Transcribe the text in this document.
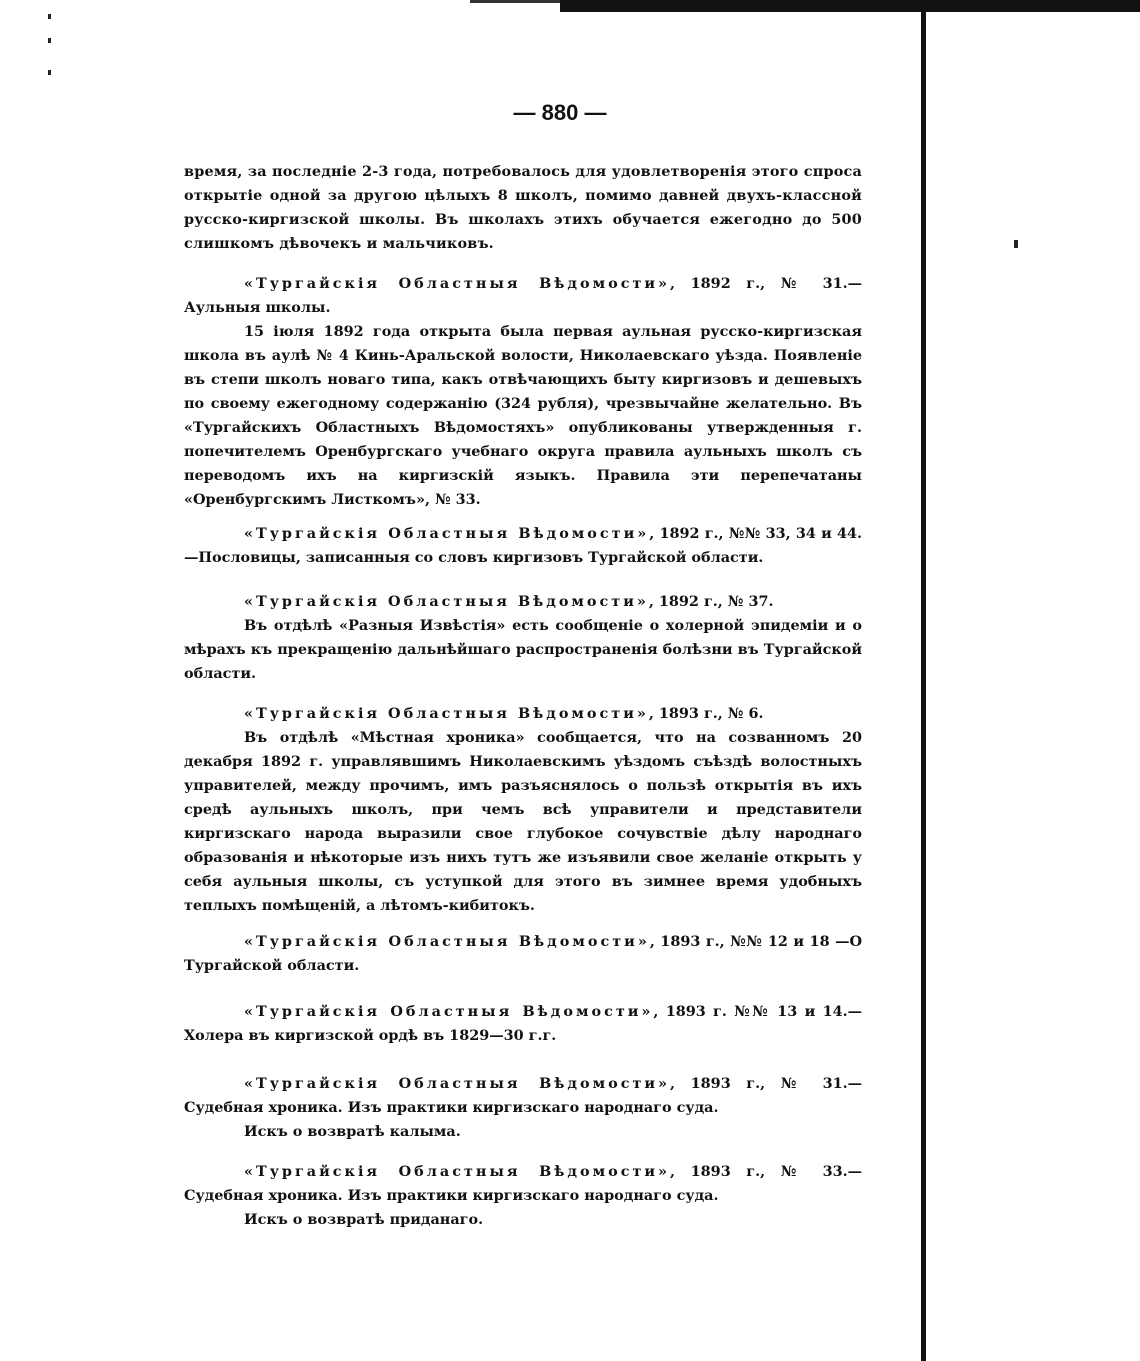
— 880 —
время, за последніе 2-3 года, потребовалось для удовлетворенія этого спроса открытіе одной за другою цѣлыхъ 8 школъ, помимо давней двухъ-классной русско-киргизской школы. Въ школахъ этихъ обучается ежегодно до 500 слишкомъ дѣвочекъ и мальчиковъ.

«Тургайскія Областныя Вѣдомости», 1892 г., № 31.—Аульныя школы.

15 іюля 1892 года открыта была первая аульная русско-киргизская школа въ аулѣ № 4 Кинь-Аральской волости, Николаевскаго уѣзда. Появленіе въ степи школъ новаго типа, какъ отвѣчающихъ быту киргизовъ и дешевыхъ по своему ежегодному содержанію (324 рубля), чрезвычайне желательно. Въ «Тургайскихъ Областныхъ Вѣдомостяхъ» опубликованы утвержденныя г. попечителемъ Оренбургскаго учебнаго округа правила аульныхъ школъ съ переводомъ ихъ на киргизскій языкъ. Правила эти перепечатаны «Оренбургскимъ Листкомъ», № 33.

«Тургайскія Областныя Вѣдомости», 1892 г., №№ 33, 34 и 44.—Пословицы, записанныя со словъ киргизовъ Тургайской области.

«Тургайскія Областныя Вѣдомости», 1892 г., № 37.

Въ отдѣлѣ «Разныя Извѣстія» есть сообщеніе о холерной эпидеміи и о мѣрахъ къ прекращенію дальнѣйшаго распространенія болѣзни въ Тургайской области.

«Тургайскія Областныя Вѣдомости», 1893 г., № 6.

Въ отдѣлѣ «Мѣстная хроника» сообщается, что на созванномъ 20 декабря 1892 г. управлявшимъ Николаевскимъ уѣздомъ съѣздѣ волостныхъ управителей, между прочимъ, имъ разъяснялось о пользѣ открытія въ ихъ средѣ аульныхъ школъ, при чемъ всѣ управители и представители киргизскаго народа выразили свое глубокое сочувствіе дѣлу народнаго образованія и нѣкоторые изъ нихъ тутъ же изъявили свое желаніе открыть у себя аульныя школы, съ уступкой для этого въ зимнее время удобныхъ теплыхъ помѣщеній, а лѣтомъ-кибитокъ.

«Тургайскія Областныя Вѣдомости», 1893 г., №№ 12 и 18 —О Тургайской области.

«Тургайскія Областныя Вѣдомости», 1893 г. №№ 13 и 14.—Холера въ киргизской ордѣ въ 1829—30 г.г.

«Тургайскія Областныя Вѣдомости», 1893 г., № 31.—Судебная хроника. Изъ практики киргизскаго народнаго суда.

Искъ о возвратѣ калыма.

«Тургайскія Областныя Вѣдомости», 1893 г., № 33.—Судебная хроника. Изъ практики киргизскаго народнаго суда.

Искъ о возвратѣ приданаго.
